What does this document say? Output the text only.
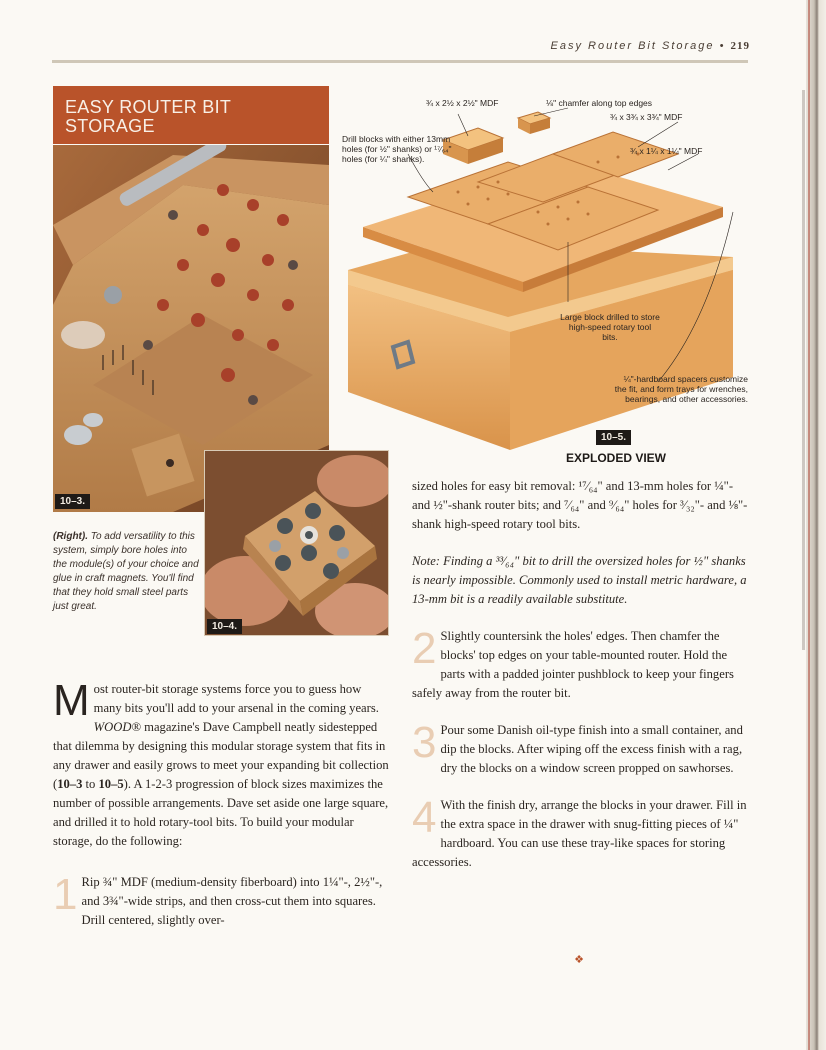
Easy Router Bit Storage • 219
EASY ROUTER BIT STORAGE
10–3.
10–4.
(Right). To add versatility to this system, simply bore holes into the module(s) of your choice and glue in craft magnets. You'll find that they hold small steel parts just great.
¾ x 2½ x 2½" MDF	⅛" chamfer along top edges
¾ x 3¾ x 3¾" MDF
¾ x 1¼ x 1¼" MDF
Drill blocks with either 13mm holes (for ½" shanks) or ¹⁷⁄₆₄" holes (for ¼" shanks).
Large block drilled to store high-speed rotary tool bits.
¼"-hardboard spacers customize the fit, and form trays for wrenches, bearings, and other accessories.
10–5.
EXPLODED VIEW

M ost router-bit storage systems force you to guess how many bits you'll add to your arsenal in the coming years. WOOD® magazine's Dave Campbell neatly sidestepped that dilemma by designing this modular storage system that fits in any drawer and easily grows to meet your expanding bit collection (10–3 to 10–5). A 1-2-3 progression of block sizes maximizes the number of possible arrangements. Dave set aside one large square, and drilled it to hold rotary-tool bits. To build your modular storage, do the following:

1 Rip ¾" MDF (medium-density fiberboard) into 1¼"-, 2½"-, and 3¾"-wide strips, and then cross-cut them into squares. Drill centered, slightly over-

sized holes for easy bit removal: ¹⁷⁄₆₄" and 13-mm holes for ¼"- and ½"-shank router bits; and ⁷⁄₆₄" and ⁹⁄₆₄" holes for ³⁄₃₂"- and ⅛"-shank high-speed rotary tool bits.

Note: Finding a ³³⁄₆₄" bit to drill the oversized holes for ½" shanks is nearly impossible. Commonly used to install metric hardware, a 13-mm bit is a readily available substitute.

2 Slightly countersink the holes' edges. Then chamfer the blocks' top edges on your table-mounted router. Hold the parts with a padded jointer pushblock to keep your fingers safely away from the router bit.

3 Pour some Danish oil-type finish into a small container, and dip the blocks. After wiping off the excess finish with a rag, dry the blocks on a window screen propped on sawhorses.

4 With the finish dry, arrange the blocks in your drawer. Fill in the extra space in the drawer with snug-fitting pieces of ¼" hardboard. You can use these tray-like spaces for storing accessories.

❖
